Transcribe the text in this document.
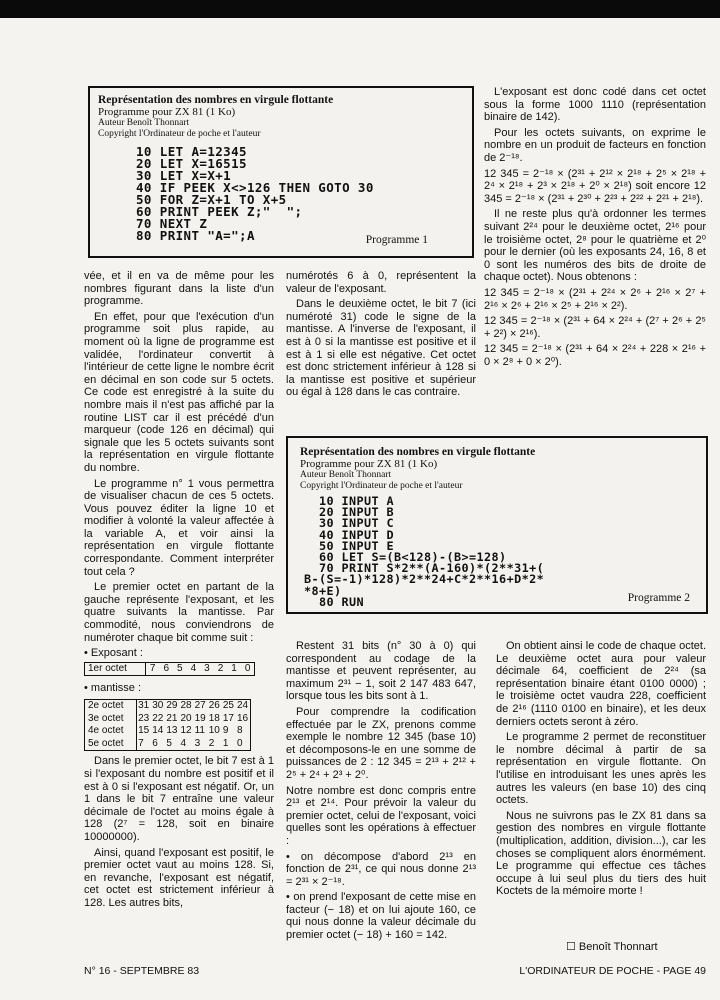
Représentation des nombres en virgule flottante
Programme pour ZX 81 (1 Ko)
Auteur Benoît Thonnart
Copyright l'Ordinateur de poche et l'auteur
10 LET A=12345
20 LET X=16515
30 LET X=X+1
40 IF PEEK X<>126 THEN GOTO 30
50 FOR Z=X+1 TO X+5
60 PRINT PEEK Z;"  ";
70 NEXT Z
80 PRINT "A=";A	Programme 1

L'exposant est donc codé dans cet octet sous la forme 1000 1110 (représentation binaire de 142).

Pour les octets suivants, on exprime le nombre en un produit de facteurs en fonction de 2⁻¹⁸.

12 345 = 2⁻¹⁸ × (2³¹ + 2¹² × 2¹⁸ + 2⁵ × 2¹⁸ + 2⁴ × 2¹⁸ + 2³ × 2¹⁸ + 2⁰ × 2¹⁸) soit encore 12 345 = 2⁻¹⁸ × (2³¹ + 2³⁰ + 2²³ + 2²² + 2²¹ + 2¹⁸).

Il ne reste plus qu'à ordonner les termes suivant 2²⁴ pour le deuxième octet, 2¹⁶ pour le troisième octet, 2⁸ pour le quatrième et 2⁰ pour le dernier (où les exposants 24, 16, 8 et 0 sont les numéros des bits de droite de chaque octet). Nous obtenons :

12 345 = 2⁻¹⁸ × (2³¹ + 2²⁴ × 2⁶ + 2¹⁶ × 2⁷ + 2¹⁶ × 2⁶ + 2¹⁶ × 2⁵ + 2¹⁶ × 2²).

12 345 = 2⁻¹⁸ × (2³¹ + 64 × 2²⁴ + (2⁷ + 2⁶ + 2⁵ + 2²) × 2¹⁶).

12 345 = 2⁻¹⁸ × (2³¹ + 64 × 2²⁴ + 228 × 2¹⁶ + 0 × 2⁸ + 0 × 2⁰).

vée, et il en va de même pour les nombres figurant dans la liste d'un programme.

En effet, pour que l'exécution d'un programme soit plus rapide, au moment où la ligne de programme est validée, l'ordinateur convertit à l'intérieur de cette ligne le nombre écrit en décimal en son code sur 5 octets. Ce code est enregistré à la suite du nombre mais il n'est pas affiché par la routine LIST car il est précédé d'un marqueur (code 126 en décimal) qui signale que les 5 octets suivants sont la représentation en virgule flottante du nombre.

Le programme n° 1 vous permettra de visualiser chacun de ces 5 octets. Vous pouvez éditer la ligne 10 et modifier à volonté la valeur affectée à la variable A, et voir ainsi la représentation en virgule flottante correspondante. Comment interpréter tout cela ?

Le premier octet en partant de la gauche représente l'exposant, et les quatre suivants la mantisse. Par commodité, nous conviendrons de numéroter chaque bit comme suit :

• Exposant :
1er octet	7	6	5	4	3	2	1	0
• mantisse :
2e octet	31	30	29	28	27	26	25	24
3e octet	23	22	21	20	19	18	17	16
4e octet	15	14	13	12	11	10	9	8
5e octet	7	6	5	4	3	2	1	0

Dans le premier octet, le bit 7 est à 1 si l'exposant du nombre est positif et il est à 0 si l'exposant est négatif. Or, un 1 dans le bit 7 entraîne une valeur décimale de l'octet au moins égale à 128 (2⁷ = 128, soit en binaire 10000000).

Ainsi, quand l'exposant est positif, le premier octet vaut au moins 128. Si, en revanche, l'exposant est négatif, cet octet est strictement inférieur à 128. Les autres bits,

numérotés 6 à 0, représentent la valeur de l'exposant.

Dans le deuxième octet, le bit 7 (ici numéroté 31) code le signe de la mantisse. A l'inverse de l'exposant, il est à 0 si la mantisse est positive et il est à 1 si elle est négative. Cet octet est donc strictement inférieur à 128 si la mantisse est positive et supérieur ou égal à 128 dans le cas contraire.

Représentation des nombres en virgule flottante
Programme pour ZX 81 (1 Ko)
Auteur Benoît Thonnart
Copyright l'Ordinateur de poche et l'auteur
10 INPUT A
20 INPUT B
30 INPUT C
40 INPUT D
50 INPUT E
60 LET S=(B<128)-(B>=128)
70 PRINT S*2**(A-160)*(2**31+(
B-(S=-1)*128)*2**24+C*2**16+D*2*
*8+E)
80 RUN	Programme 2

Restent 31 bits (n° 30 à 0) qui correspondent au codage de la mantisse et peuvent représenter, au maximum 2³¹ − 1, soit 2 147 483 647, lorsque tous les bits sont à 1.

Pour comprendre la codification effectuée par le ZX, prenons comme exemple le nombre 12 345 (base 10) et décomposons-le en une somme de puissances de 2 : 12 345 = 2¹³ + 2¹² + 2⁵ + 2⁴ + 2³ + 2⁰.

Notre nombre est donc compris entre 2¹³ et 2¹⁴. Pour prévoir la valeur du premier octet, celui de l'exposant, voici quelles sont les opérations à effectuer :

• on décompose d'abord 2¹³ en fonction de 2³¹, ce qui nous donne 2¹³ = 2³¹ × 2⁻¹⁸.

• on prend l'exposant de cette mise en facteur (− 18) et on lui ajoute 160, ce qui nous donne la valeur décimale du premier octet (− 18) + 160 = 142.

On obtient ainsi le code de chaque octet. Le deuxième octet aura pour valeur décimale 64, coefficient de 2²⁴ (sa représentation binaire étant 0100 0000) ; le troisième octet vaudra 228, coefficient de 2¹⁶ (1110 0100 en binaire), et les deux derniers octets seront à zéro.

Le programme 2 permet de reconstituer le nombre décimal à partir de sa représentation en virgule flottante. On l'utilise en introduisant les unes après les autres les valeurs (en base 10) des cinq octets.

Nous ne suivrons pas le ZX 81 dans sa gestion des nombres en virgule flottante (multiplication, addition, division...), car les choses se compliquent alors énormément. Le programme qui effectue ces tâches occupe à lui seul plus du tiers des huit Koctets de la mémoire morte !

☐ Benoît Thonnart
N° 16 - SEPTEMBRE 83	L'ORDINATEUR DE POCHE - PAGE 49
